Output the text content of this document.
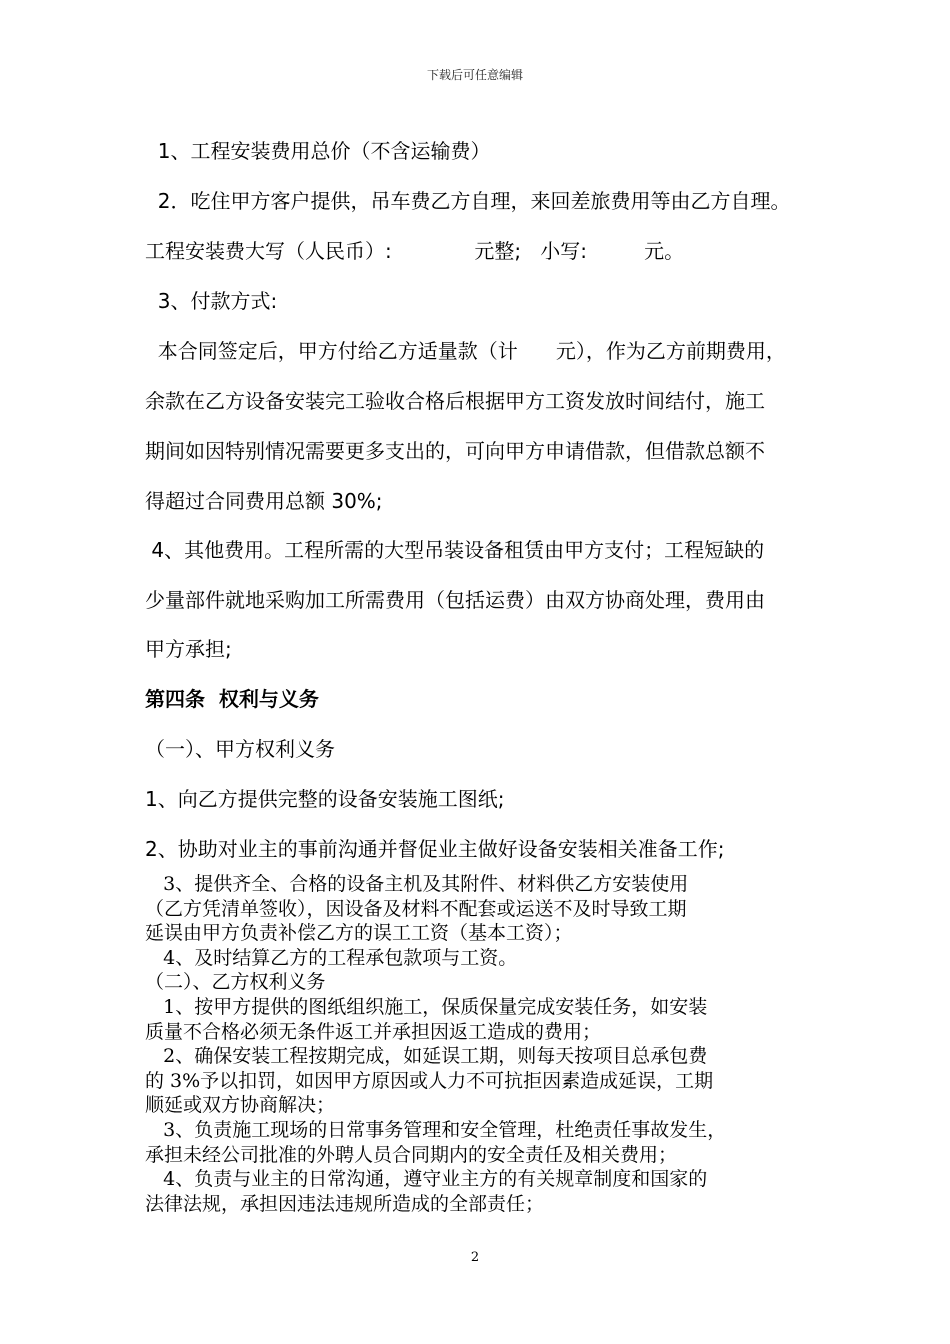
下载后可任意编辑
1、工程安装费用总价（不含运输费）
2．吃住甲方客户提供，吊车费乙方自理，来回差旅费用等由乙方自理。
工程安装费大写（人民币）:             元整;   小写:         元。
3、付款方式:
本合同签定后，甲方付给乙方适量款（计      元），作为乙方前期费用，
余款在乙方设备安装完工验收合格后根据甲方工资发放时间结付，施工
期间如因特别情况需要更多支出的，可向甲方申请借款，但借款总额不
得超过合同费用总额 30%;
4、其他费用。工程所需的大型吊装设备租赁由甲方支付；工程短缺的
少量部件就地采购加工所需费用（包括运费）由双方协商处理，费用由
甲方承担;
第四条  权利与义务
（一）、甲方权利义务
1、向乙方提供完整的设备安装施工图纸;
2、协助对业主的事前沟通并督促业主做好设备安装相关准备工作;
3、提供齐全、合格的设备主机及其附件、材料供乙方安装使用
（乙方凭清单签收），因设备及材料不配套或运送不及时导致工期
延误由甲方负责补偿乙方的误工工资（基本工资）；
4、及时结算乙方的工程承包款项与工资。
（二）、乙方权利义务
1、按甲方提供的图纸组织施工，保质保量完成安装任务，如安装
质量不合格必须无条件返工并承担因返工造成的费用；
2、确保安装工程按期完成，如延误工期，则每天按项目总承包费
的 3%予以扣罚，如因甲方原因或人力不可抗拒因素造成延误，工期
顺延或双方协商解决；
3、负责施工现场的日常事务管理和安全管理，杜绝责任事故发生，
承担未经公司批准的外聘人员合同期内的安全责任及相关费用；
4、负责与业主的日常沟通，遵守业主方的有关规章制度和国家的
法律法规，承担因违法违规所造成的全部责任；
2
